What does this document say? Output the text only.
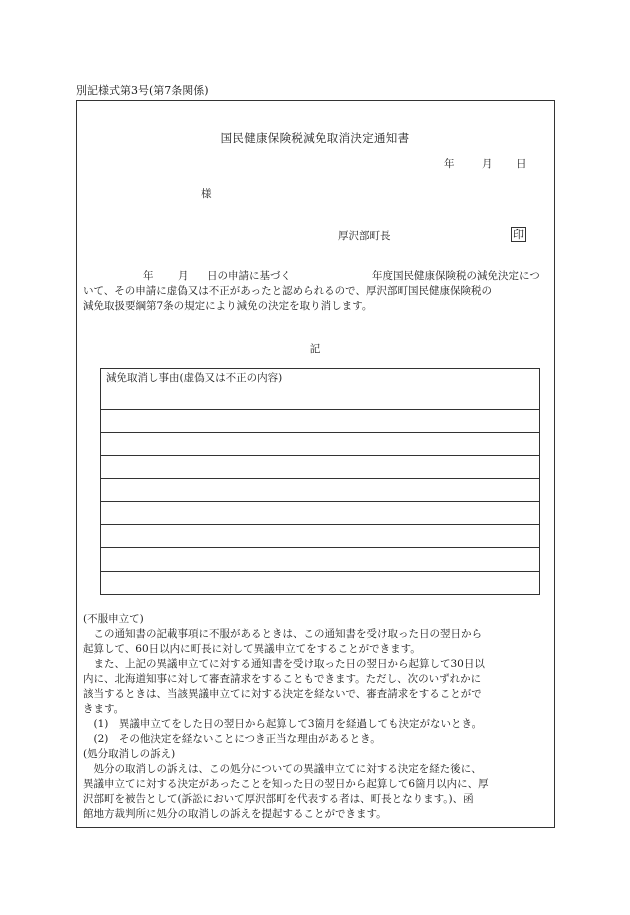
別記様式第3号(第7条関係)
国民健康保険税減免取消決定通知書
年	月 日
様
厚沢部町長	印
年 月 日の申請に基づく	年度国民健康保険税の減免決定につ
いて、その申請に虚偽又は不正があったと認められるので、厚沢部町国民健康保険税の
減免取扱要綱第7条の規定により減免の決定を取り消します。
記
減免取消し事由(虚偽又は不正の内容)
(不服申立て)
　この通知書の記載事項に不服があるときは、この通知書を受け取った日の翌日から
起算して、60日以内に町長に対して異議申立てをすることができます。
　また、上記の異議申立てに対する通知書を受け取った日の翌日から起算して30日以
内に、北海道知事に対して審査請求をすることもできます。ただし、次のいずれかに
該当するときは、当該異議申立てに対する決定を経ないで、審査請求をすることがで
きます。
　(1)　異議申立てをした日の翌日から起算して3箇月を経過しても決定がないとき。
　(2)　その他決定を経ないことにつき正当な理由があるとき。
(処分取消しの訴え)
　処分の取消しの訴えは、この処分についての異議申立てに対する決定を経た後に、
異議申立てに対する決定があったことを知った日の翌日から起算して6箇月以内に、厚
沢部町を被告として(訴訟において厚沢部町を代表する者は、町長となります。)、函
館地方裁判所に処分の取消しの訴えを提起することができます。
